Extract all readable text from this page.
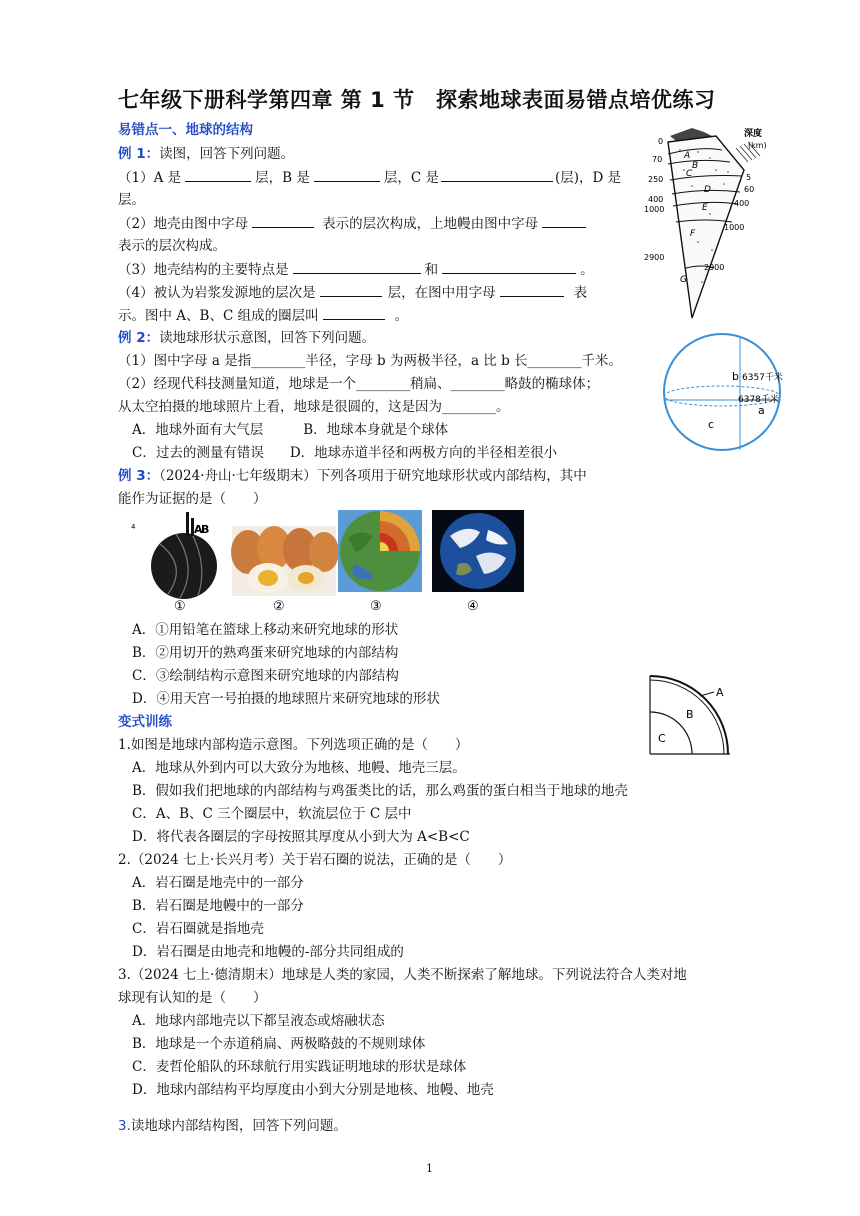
七年级下册科学第四章 第 1 节　探索地球表面易错点培优练习
易错点一、地球的结构
例 1：读图，回答下列问题。
（1）A 是	层，B 是	层，C 是	(层)，D 是
层。
（2）地壳由图中字母	表示的层次构成，上地幔由图中字母
表示的层次构成。
（3）地壳结构的主要特点是	和	。
（4）被认为岩浆发源地的层次是	层，在图中用字母	表
示。图中 A、B、C 组成的圈层叫	。
例 2：读地球形状示意图，回答下列问题。
（1）图中字母 a 是指________半径，字母 b 为两极半径，a 比 b 长________千米。
（2）经现代科技测量知道，地球是一个________稍扁、________略鼓的椭球体；
从太空拍摄的地球照片上看，地球是很圆的，这是因为________。
A．地球外面有大气层	B．地球本身就是个球体
C．过去的测量有错误 D．地球赤道半径和两极方向的半径相差很小
例 3：（2024·舟山·七年级期末）下列各项用于研究地球形状或内部结构，其中
能作为证据的是（　　）
⁴	A
B
①	②	③	④
A．①用铅笔在篮球上移动来研究地球的形状
B．②用切开的熟鸡蛋来研究地球的内部结构
C．③绘制结构示意图来研究地球的内部结构
D．④用天宫一号拍摄的地球照片来研究地球的形状
变式训练
1.如图是地球内部构造示意图。下列选项正确的是（　　）
A．地球从外到内可以大致分为地核、地幔、地壳三层。
B．假如我们把地球的内部结构与鸡蛋类比的话，那么鸡蛋的蛋白相当于地球的地壳
C．A、B、C 三个圈层中，软流层位于 C 层中
D．将代表各圈层的字母按照其厚度从小到大为 A<B<C
2.（2024 七上·长兴月考）关于岩石圈的说法，正确的是（　　）
A．岩石圈是地壳中的一部分
B．岩石圈是地幔中的一部分
C．岩石圈就是指地壳
D．岩石圈是由地壳和地幔的-部分共同组成的
3.（2024 七上·德清期末）地球是人类的家园，人类不断探索了解地球。下列说法符合人类对地
球现有认知的是（　　）
A．地球内部地壳以下都呈液态或熔融状态
B．地球是一个赤道稍扁、两极略鼓的不规则球体
C．麦哲伦船队的环球航行用实践证明地球的形状是球体
D．地球内部结构平均厚度由小到大分别是地核、地幔、地壳
3.读地球内部结构图，回答下列问题。
深度
(km)
0
70
250
400
1000
2900
5
60
400
1000
2900
A
B
C
D
E
F
G
b 6357千米
6378千米
a
c
A
B
C
1
